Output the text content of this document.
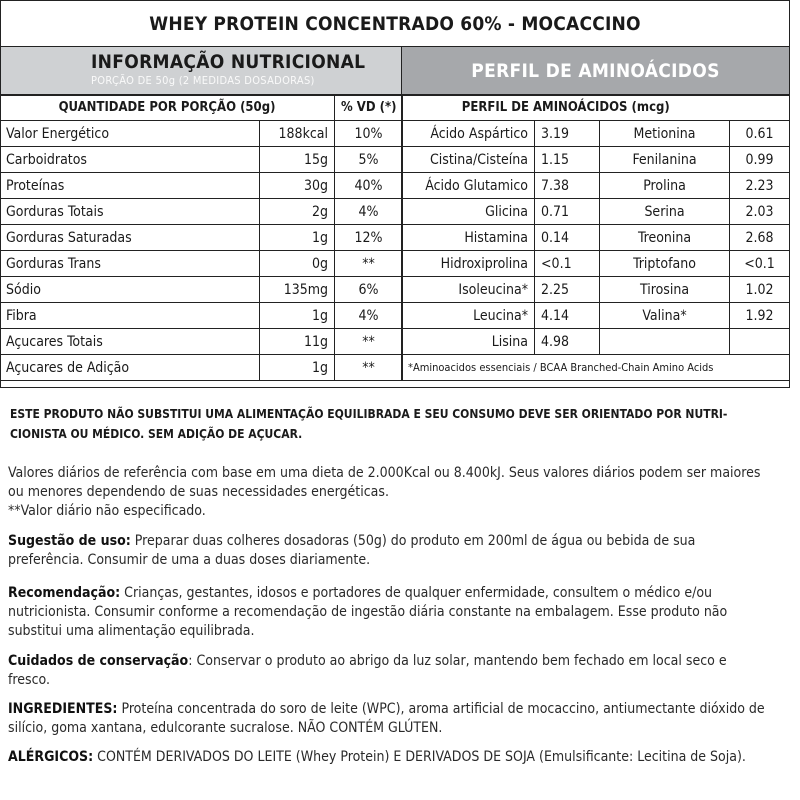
WHEY PROTEIN CONCENTRADO 60% - MOCACCINO
INFORMAÇÃO NUTRICIONAL
PORÇÃO DE 50g (2 MEDIDAS DOSADORAS)	PERFIL DE AMINOÁCIDOS
QUANTIDADE POR PORÇÃO (50g)		% VD (*)
Valor Energético	188kcal	10%
Carboidratos	15g	5%
Proteínas	30g	40%
Gorduras Totais	2g	4%
Gorduras Saturadas	1g	12%
Gorduras Trans	0g	**
Sódio	135mg	6%
Fibra	1g	4%
Açucares Totais	11g	**
Açucares de Adição	1g	**
PERFIL DE AMINOÁCIDOS (mcg)			
Ácido Aspártico	3.19	Metionina	0.61
Cistina/Cisteína	1.15	Fenilanina	0.99
Ácido Glutamico	7.38	Prolina	2.23
Glicina	0.71	Serina	2.03
Histamina	0.14	Treonina	2.68
Hidroxiprolina	<0.1	Triptofano	<0.1
Isoleucina*	2.25	Tirosina	1.02
Leucina*	4.14	Valina*	1.92
Lisina	4.98		
*Aminoacidos essenciais / BCAA Branched-Chain Amino Acids			
ESTE PRODUTO NÃO SUBSTITUI UMA ALIMENTAÇÃO EQUILIBRADA E SEU CONSUMO DEVE SER ORIENTADO POR NUTRI-CIONISTA OU MÉDICO. SEM ADIÇÃO DE AÇUCAR.
Valores diários de referência com base em uma dieta de 2.000Kcal ou 8.400kJ. Seus valores diários podem ser maiores ou menores dependendo de suas necessidades energéticas.
**Valor diário não especificado.
Sugestão de uso: Preparar duas colheres dosadoras (50g) do produto em 200ml de água ou bebida de sua preferência. Consumir de uma a duas doses diariamente.
Recomendação: Crianças, gestantes, idosos e portadores de qualquer enfermidade, consultem o médico e/ou nutricionista. Consumir conforme a recomendação de ingestão diária constante na embalagem. Esse produto não substitui uma alimentação equilibrada.
Cuidados de conservação: Conservar o produto ao abrigo da luz solar, mantendo bem fechado em local seco e fresco.
INGREDIENTES: Proteína concentrada do soro de leite (WPC), aroma artificial de mocaccino, antiumectante dióxido de silício, goma xantana, edulcorante sucralose. NÃO CONTÉM GLÚTEN.
ALÉRGICOS: CONTÉM DERIVADOS DO LEITE (Whey Protein) E DERIVADOS DE SOJA (Emulsificante: Lecitina de Soja).
